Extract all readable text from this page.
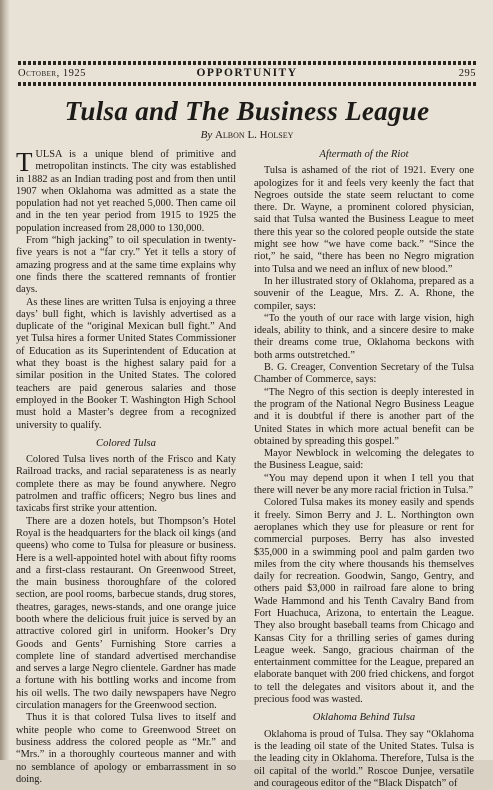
October, 1925	OPPORTUNITY	295
Tulsa and The Business League
By Albon L. Holsey

TULSA is a unique blend of primitive and metropolitan instincts. The city was established in 1882 as an Indian trading post and from then until 1907 when Oklahoma was admitted as a state the population had not yet reached 5,000. Then came oil and in the ten year period from 1915 to 1925 the population increased from 28,000 to 130,000.

From “high jacking” to oil speculation in twenty-five years is not a “far cry.” Yet it tells a story of amazing progress and at the same time explains why one finds there the scattered remnants of frontier days.

As these lines are written Tulsa is enjoying a three days’ bull fight, which is lavishly advertised as a duplicate of the “original Mexican bull fight.” And yet Tulsa hires a former United States Commissioner of Education as its Superintendent of Education at what they boast is the highest salary paid for a similar position in the United States. The colored teachers are paid generous salaries and those employed in the Booker T. Washington High School must hold a Master’s degree from a recognized university to qualify.

Colored Tulsa

Colored Tulsa lives north of the Frisco and Katy Railroad tracks, and racial separateness is as nearly complete there as may be found anywhere. Negro patrolmen and traffic officers; Negro bus lines and taxicabs first strike your attention.

There are a dozen hotels, but Thompson’s Hotel Royal is the headquarters for the black oil kings (and queens) who come to Tulsa for pleasure or business. Here is a well-appointed hotel with about fifty rooms and a first-class restaurant. On Greenwood Street, the main business thoroughfare of the colored section, are pool rooms, barbecue stands, drug stores, theatres, garages, news-stands, and one orange juice booth where the delicious fruit juice is served by an attractive colored girl in uniform. Hooker’s Dry Goods and Gents’ Furnishing Store carries a complete line of standard advertised merchandise and serves a large Negro clientele. Gardner has made a fortune with his bottling works and income from his oil wells. The two daily newspapers have Negro circulation managers for the Greenwood section.

Thus it is that colored Tulsa lives to itself and white people who come to Greenwood Street on business address the colored people as “Mr.” and “Mrs.” in a thoroughly courteous manner and with no semblance of apology or embarrassment in so doing.

Aftermath of the Riot

Tulsa is ashamed of the riot of 1921. Every one apologizes for it and feels very keenly the fact that Negroes outside the state seem reluctant to come there. Dr. Wayne, a prominent colored physician, said that Tulsa wanted the Business League to meet there this year so the colored people outside the state might see how “we have come back.” “Since the riot,” he said, “there has been no Negro migration into Tulsa and we need an influx of new blood.”

In her illustrated story of Oklahoma, prepared as a souvenir of the League, Mrs. Z. A. Rhone, the compiler, says:

“To the youth of our race with large vision, high ideals, ability to think, and a sincere desire to make their dreams come true, Oklahoma beckons with both arms outstretched.”

B. G. Creager, Convention Secretary of the Tulsa Chamber of Commerce, says:

“The Negro of this section is deeply interested in the program of the National Negro Business League and it is doubtful if there is another part of the United States in which more actual benefit can be obtained by spreading this gospel.”

Mayor Newblock in welcoming the delegates to the Business League, said:

“You may depend upon it when I tell you that there will never be any more racial friction in Tulsa.”

Colored Tulsa makes its money easily and spends it freely. Simon Berry and J. L. Northington own aeroplanes which they use for pleasure or rent for commercial purposes. Berry has also invested $35,000 in a swimming pool and palm garden two miles from the city where thousands his themselves daily for recreation. Goodwin, Sango, Gentry, and others paid $3,000 in railroad fare alone to bring Wade Hammond and his Tenth Cavalry Band from Fort Huachuca, Arizona, to entertain the League. They also brought baseball teams from Chicago and Kansas City for a thrilling series of games during League week. Sango, gracious chairman of the entertainment committee for the League, prepared an elaborate banquet with 200 fried chickens, and forgot to tell the delegates and visitors about it, and the precious food was wasted.

Oklahoma Behind Tulsa

Oklahoma is proud of Tulsa. They say “Oklahoma is the leading oil state of the United States. Tulsa is the leading city in Oklahoma. Therefore, Tulsa is the oil capital of the world.” Roscoe Dunjee, versatile and courageous editor of the “Black Dispatch” of
